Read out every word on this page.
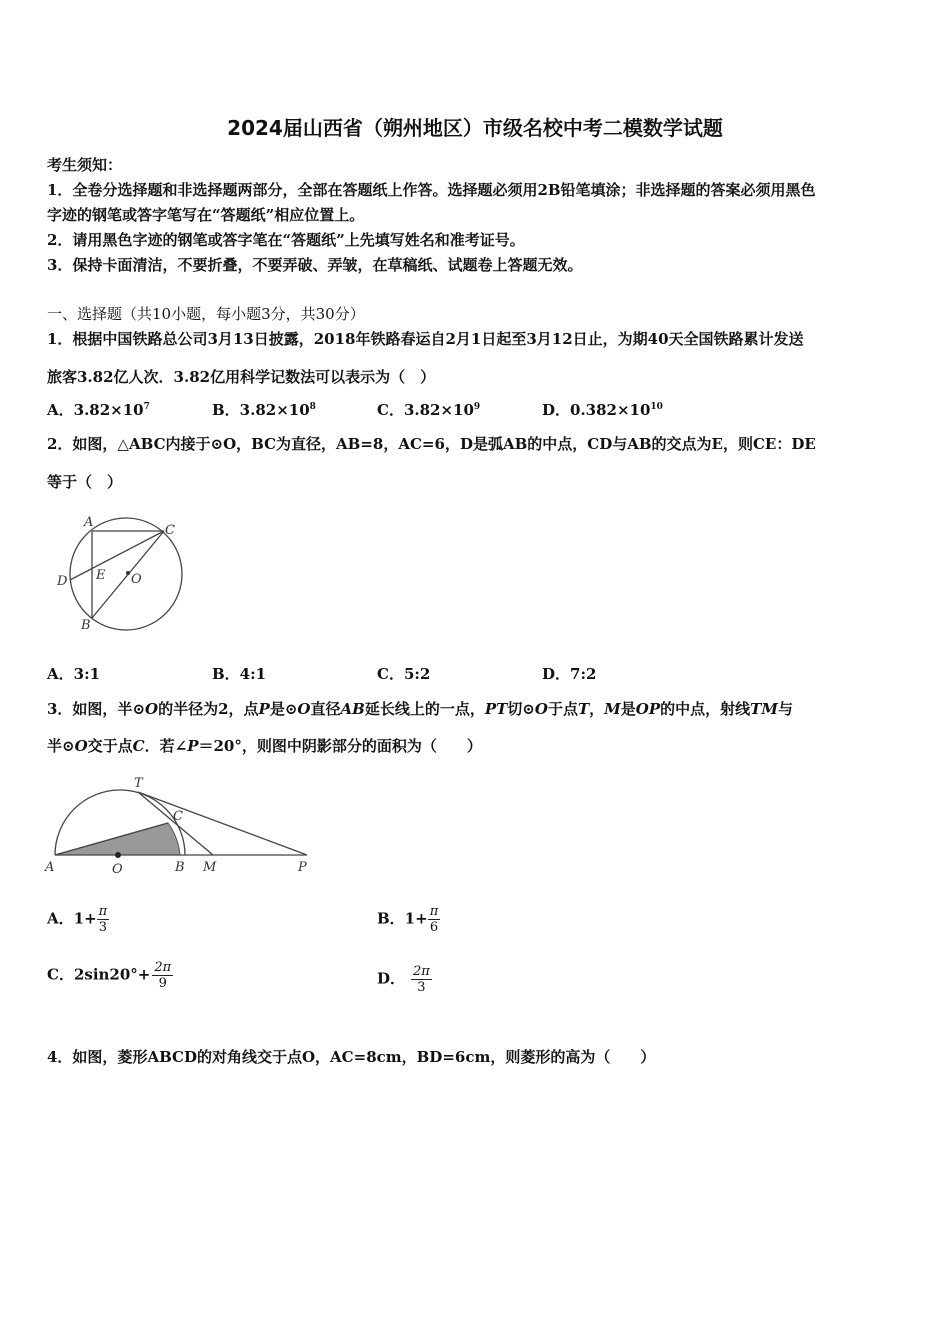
2024届山西省（朔州地区）市级名校中考二模数学试题
考生须知：
1．全卷分选择题和非选择题两部分，全部在答题纸上作答。选择题必须用2B铅笔填涂；非选择题的答案必须用黑色
字迹的钢笔或答字笔写在“答题纸”相应位置上。
2．请用黑色字迹的钢笔或答字笔在“答题纸”上先填写姓名和准考证号。
3．保持卡面清洁，不要折叠，不要弄破、弄皱，在草稿纸、试题卷上答题无效。
一、选择题（共10小题，每小题3分，共30分）
1．根据中国铁路总公司3月13日披露，2018年铁路春运自2月1日起至3月12日止，为期40天全国铁路累计发送
旅客3.82亿人次．3.82亿用科学记数法可以表示为（　）
A．$3.82\times 10^7$	B．$3.82\times 10^8$	C．$3.82\times 10^9$	D．$0.382\times 10^{10}$
2．如图，△ABC内接于⊙O，BC为直径，AB=8，AC=6，D是弧AB的中点，CD与AB的交点为E，则CE：DE
等于（　）
A
C
D E O
B
A．3:1	B．4:1	C．5:2	D．7:2
3．如图，半⊙O的半径为2，点P是⊙O直径AB延长线上的一点，PT切⊙O于点T，M是OP的中点，射线TM与
半⊙O交于点C．若∠P＝20°，则图中阴影部分的面积为（　　）
T
C
A	O	B M	P
A．$1+ \frac{\pi}{3}$	B．$1+ \frac{\pi}{6}$
C．$2\sin 20^\circ+ \frac{2\pi}{9}$	D． $\frac{2\pi}{3}$
4．如图，菱形ABCD的对角线交于点O，AC=8cm，BD=6cm，则菱形的高为（　　）
